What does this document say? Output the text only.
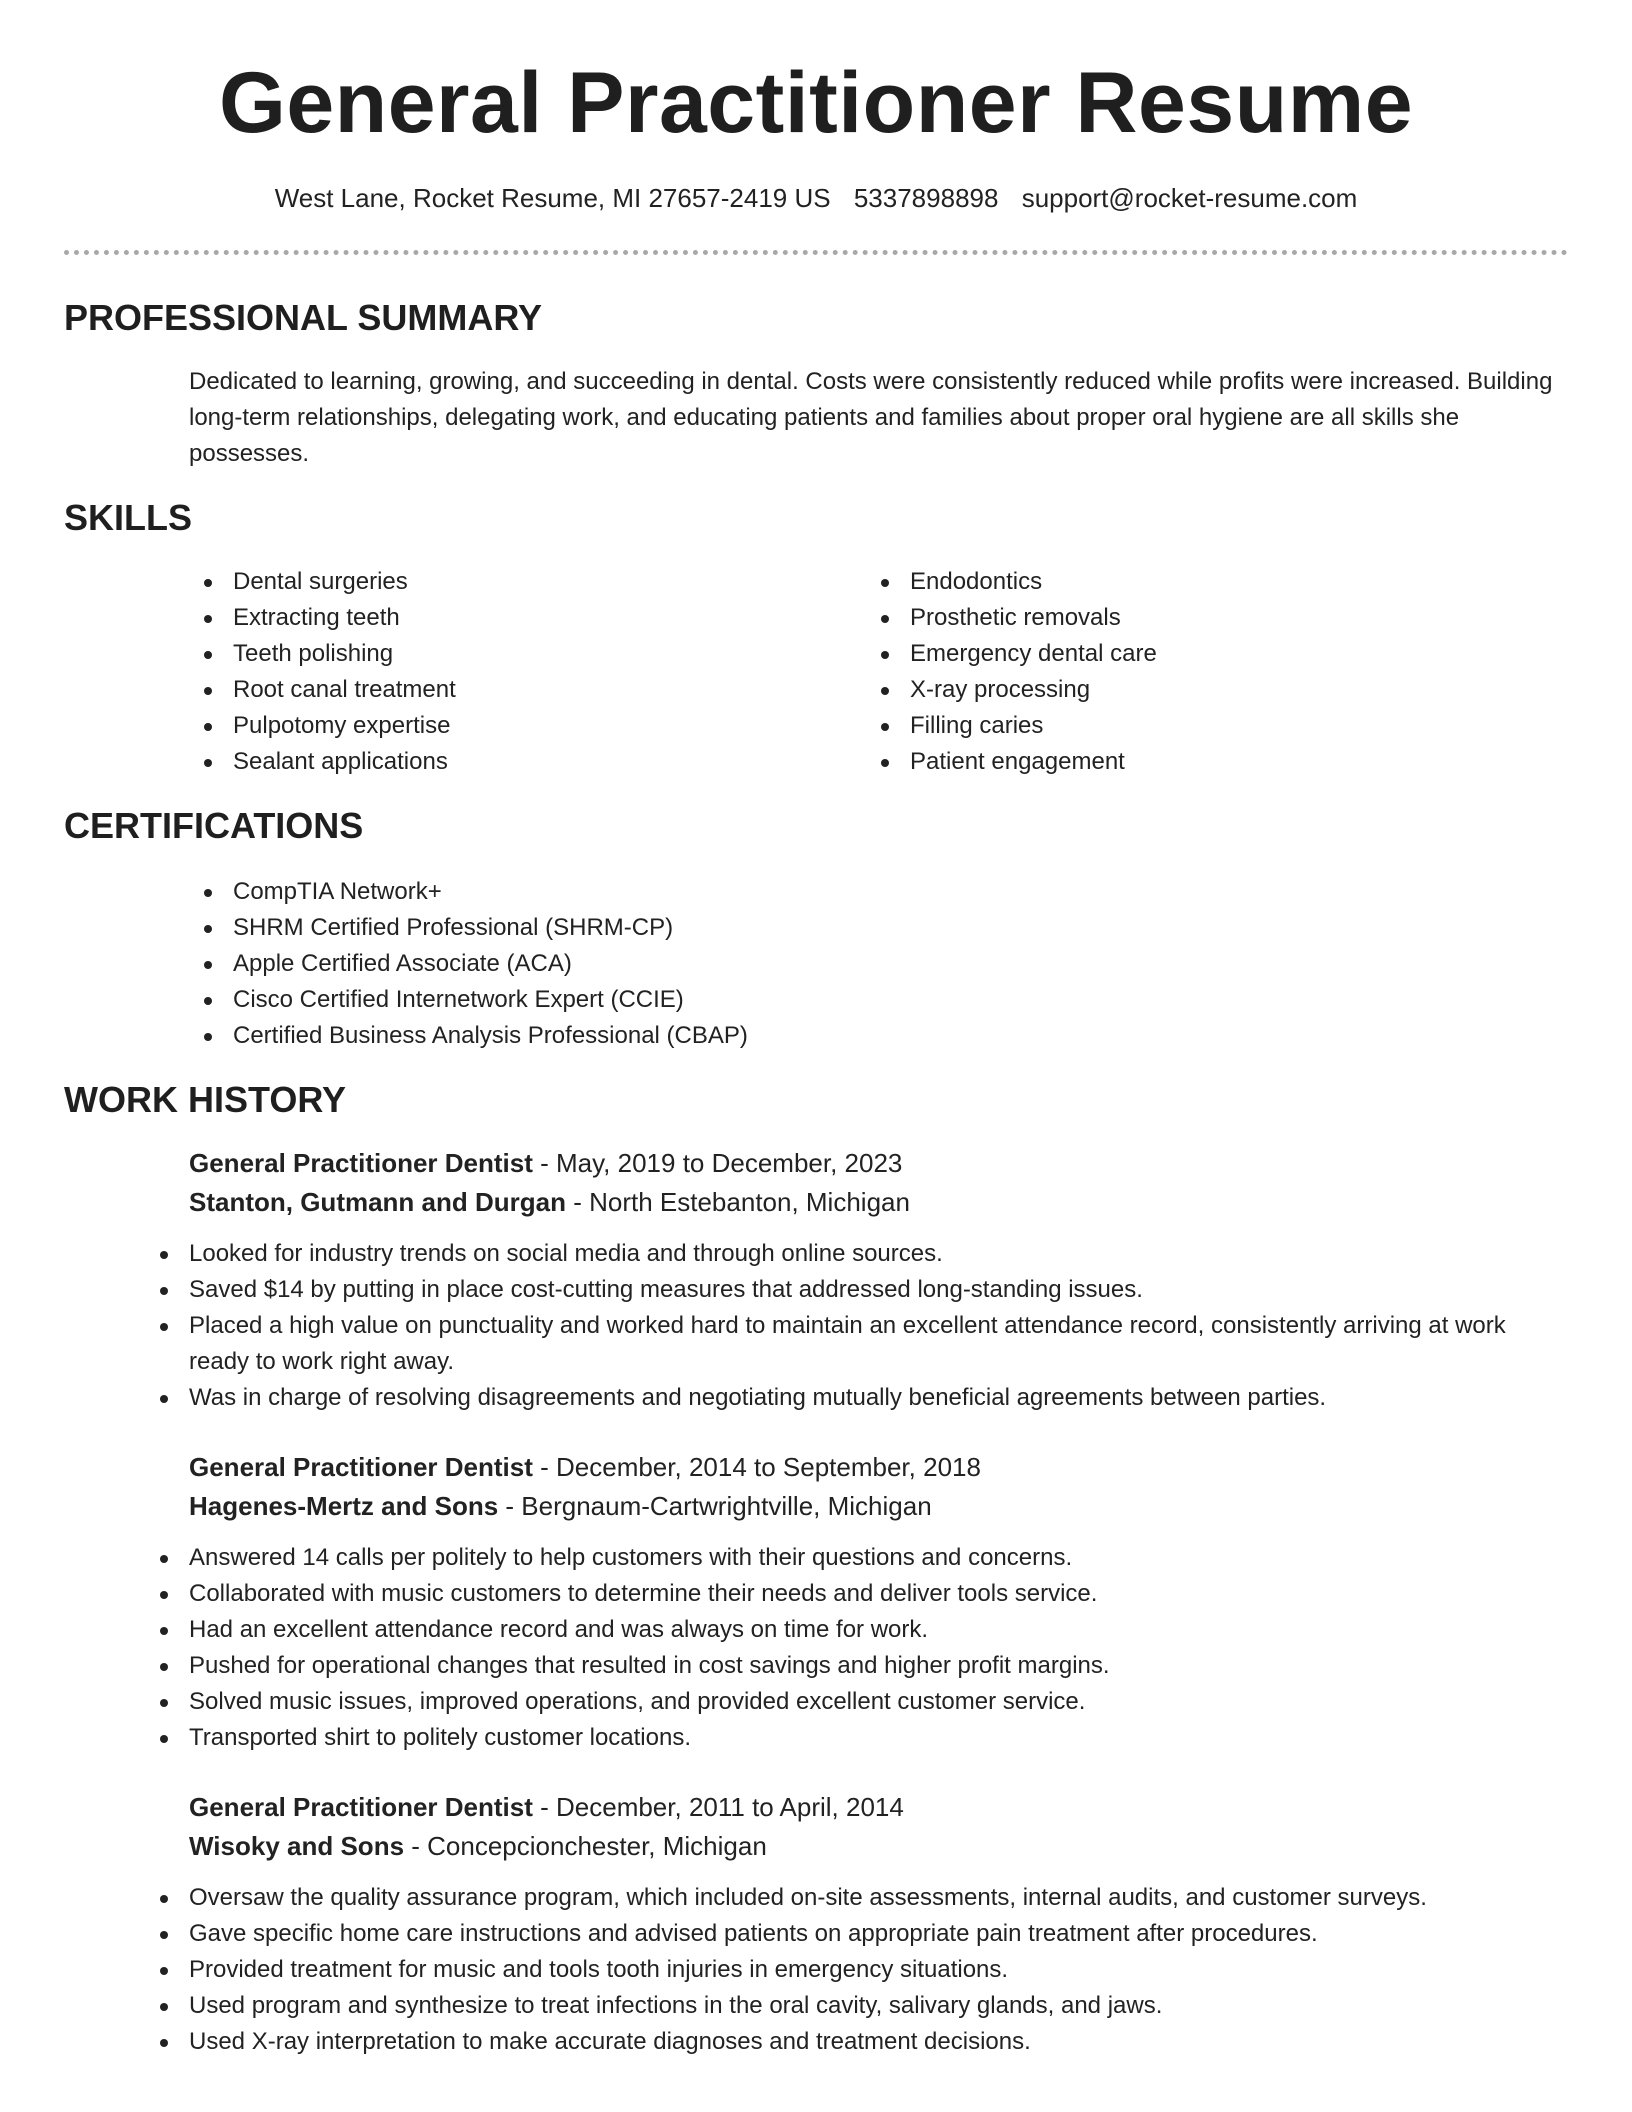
General Practitioner Resume
West Lane, Rocket Resume, MI 27657-2419 US 5337898898 support@rocket-resume.com
PROFESSIONAL SUMMARY

Dedicated to learning, growing, and succeeding in dental. Costs were consistently reduced while profits were increased. Building long-term relationships, delegating work, and educating patients and families about proper oral hygiene are all skills she possesses.

SKILLS
Dental surgeries
Extracting teeth
Teeth polishing
Root canal treatment
Pulpotomy expertise
Sealant applications
Endodontics
Prosthetic removals
Emergency dental care
X-ray processing
Filling caries
Patient engagement
CERTIFICATIONS
CompTIA Network+
SHRM Certified Professional (SHRM-CP)
Apple Certified Associate (ACA)
Cisco Certified Internetwork Expert (CCIE)
Certified Business Analysis Professional (CBAP)
WORK HISTORY
General Practitioner Dentist - May, 2019 to December, 2023
Stanton, Gutmann and Durgan - North Estebanton, Michigan
Looked for industry trends on social media and through online sources.
Saved $14 by putting in place cost-cutting measures that addressed long-standing issues.
Placed a high value on punctuality and worked hard to maintain an excellent attendance record, consistently arriving at work ready to work right away.
Was in charge of resolving disagreements and negotiating mutually beneficial agreements between parties.
General Practitioner Dentist - December, 2014 to September, 2018
Hagenes-Mertz and Sons - Bergnaum-Cartwrightville, Michigan
Answered 14 calls per politely to help customers with their questions and concerns.
Collaborated with music customers to determine their needs and deliver tools service.
Had an excellent attendance record and was always on time for work.
Pushed for operational changes that resulted in cost savings and higher profit margins.
Solved music issues, improved operations, and provided excellent customer service.
Transported shirt to politely customer locations.
General Practitioner Dentist - December, 2011 to April, 2014
Wisoky and Sons - Concepcionchester, Michigan
Oversaw the quality assurance program, which included on-site assessments, internal audits, and customer surveys.
Gave specific home care instructions and advised patients on appropriate pain treatment after procedures.
Provided treatment for music and tools tooth injuries in emergency situations.
Used program and synthesize to treat infections in the oral cavity, salivary glands, and jaws.
Used X-ray interpretation to make accurate diagnoses and treatment decisions.
